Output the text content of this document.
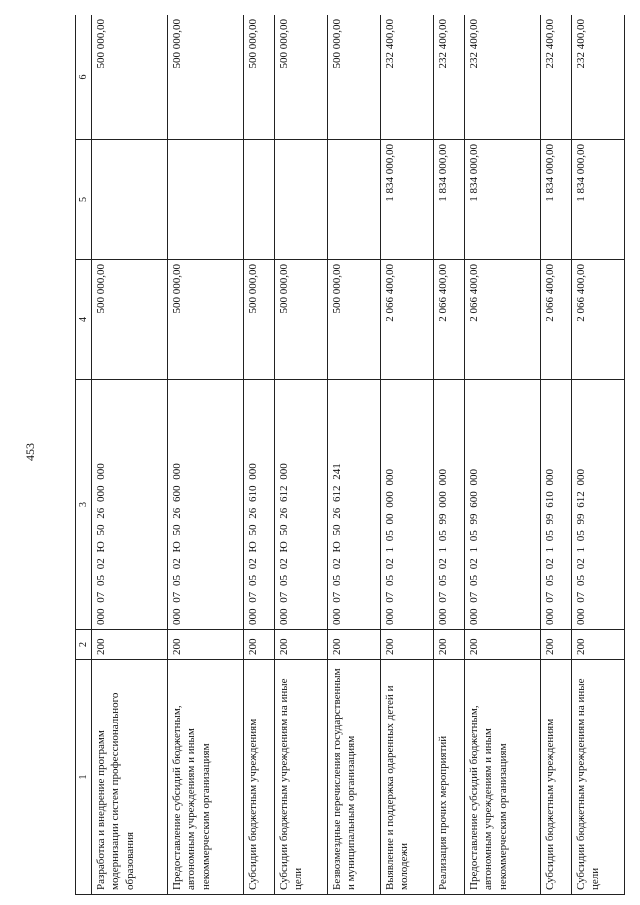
453
1	2	3	4	5	6
Разработка и внедрение программ модернизации систем профессионального образования	200	000 07 05 02 Ю 50 26 000 000	500 000,00		500 000,00
Предоставление субсидий бюджетным, автономным учреждениям и иным некоммерческим организациям	200	000 07 05 02 Ю 50 26 600 000	500 000,00		500 000,00
Субсидии бюджетным учреждениям	200	000 07 05 02 Ю 50 26 610 000	500 000,00		500 000,00
Субсидии бюджетным учреждениям на иные цели	200	000 07 05 02 Ю 50 26 612 000	500 000,00		500 000,00
Безвозмездные перечисления государственным и муниципальным организациям	200	000 07 05 02 Ю 50 26 612 241	500 000,00		500 000,00
Выявление и поддержка одаренных детей и молодежи	200	000 07 05 02 1 05 00 000 000	2 066 400,00	1 834 000,00	232 400,00
Реализация прочих мероприятий	200	000 07 05 02 1 05 99 000 000	2 066 400,00	1 834 000,00	232 400,00
Предоставление субсидий бюджетным, автономным учреждениям и иным некоммерческим организациям	200	000 07 05 02 1 05 99 600 000	2 066 400,00	1 834 000,00	232 400,00
Субсидии бюджетным учреждениям	200	000 07 05 02 1 05 99 610 000	2 066 400,00	1 834 000,00	232 400,00
Субсидии бюджетным учреждениям на иные цели	200	000 07 05 02 1 05 99 612 000	2 066 400,00	1 834 000,00	232 400,00
